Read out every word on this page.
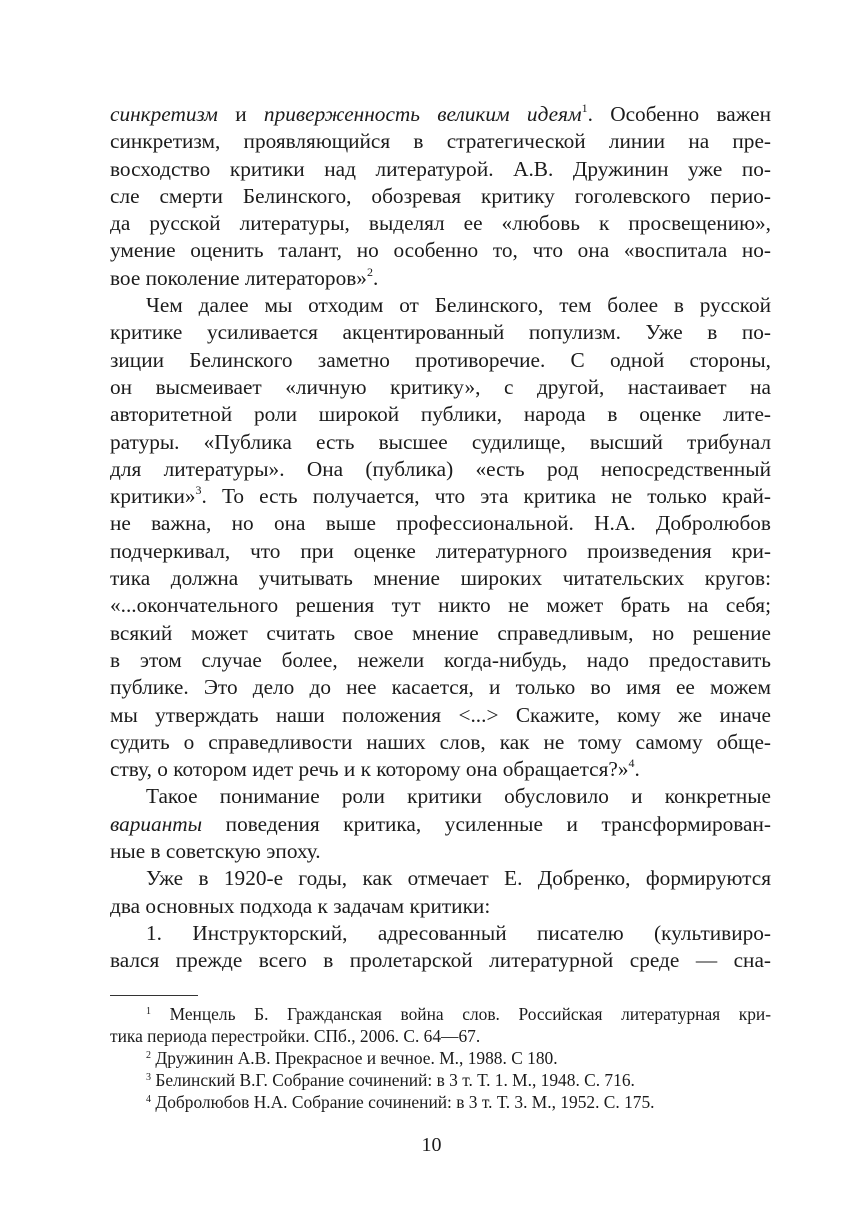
синкретизм и приверженность великим идеям$^1$. Особенно важен
синкретизм, проявляющийся в стратегической линии на пре-
восходство критики над литературой. А.В. Дружинин уже по-
сле смерти Белинского, обозревая критику гоголевского перио-
да русской литературы, выделял ее «любовь к просвещению»,
умение оценить талант, но особенно то, что она «воспитала но-
вое поколение литераторов»$^2$.
Чем далее мы отходим от Белинского, тем более в русской
критике усиливается акцентированный популизм. Уже в по-
зиции Белинского заметно противоречие. С одной стороны,
он высмеивает «личную критику», с другой, настаивает на
авторитетной роли широкой публики, народа в оценке лите-
ратуры. «Публика есть высшее судилище, высший трибунал
для литературы». Она (публика) «есть род непосредственный
критики»$^3$. То есть получается, что эта критика не только край-
не важна, но она выше профессиональной. Н.А. Добролюбов
подчеркивал, что при оценке литературного произведения кри-
тика должна учитывать мнение широких читательских кругов:
«...окончательного решения тут никто не может брать на себя;
всякий может считать свое мнение справедливым, но решение
в этом случае более, нежели когда-нибудь, надо предоставить
публике. Это дело до нее касается, и только во имя ее можем
мы утверждать наши положения <...> Скажите, кому же иначе
судить о справедливости наших слов, как не тому самому обще-
ству, о котором идет речь и к которому она обращается?»$^4$.
Такое понимание роли критики обусловило и конкретные
варианты поведения критика, усиленные и трансформирован-
ные в советскую эпоху.
Уже в 1920-е годы, как отмечает Е. Добренко, формируются
два основных подхода к задачам критики:
1. Инструкторский, адресованный писателю (культивиро-
вался прежде всего в пролетарской литературной среде — сна-
$^1$ Менцель Б. Гражданская война слов. Российская литературная кри-
тика периода перестройки. СПб., 2006. С. 64—67.
$^2$ Дружинин А.В. Прекрасное и вечное. М., 1988. С 180.
$^3$ Белинский В.Г. Собрание сочинений: в 3 т. Т. 1. М., 1948. С. 716.
$^4$ Добролюбов Н.А. Собрание сочинений: в 3 т. Т. 3. М., 1952. С. 175.
10
